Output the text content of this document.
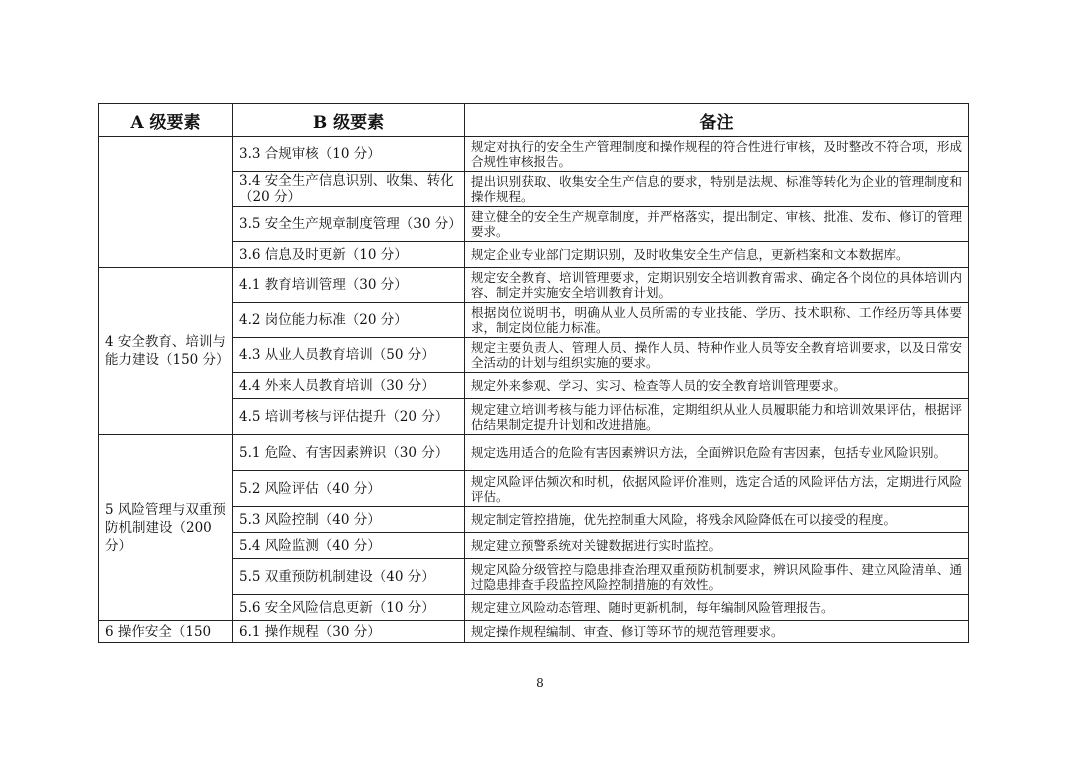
A 级要素	B 级要素	备注
	3.3 合规审核（10 分）	规定对执行的安全生产管理制度和操作规程的符合性进行审核，及时整改不符合项，形成合规性审核报告。
	3.4 安全生产信息识别、收集、转化（20 分）	提出识别获取、收集安全生产信息的要求，特别是法规、标准等转化为企业的管理制度和操作规程。
	3.5 安全生产规章制度管理（30 分）	建立健全的安全生产规章制度，并严格落实，提出制定、审核、批准、发布、修订的管理要求。
	3.6 信息及时更新（10 分）	规定企业专业部门定期识别，及时收集安全生产信息，更新档案和文本数据库。
4 安全教育、培训与能力建设（150 分）	4.1 教育培训管理（30 分）	规定安全教育、培训管理要求，定期识别安全培训教育需求、确定各个岗位的具体培训内容、制定并实施安全培训教育计划。
	4.2 岗位能力标准（20 分）	根据岗位说明书，明确从业人员所需的专业技能、学历、技术职称、工作经历等具体要求，制定岗位能力标准。
	4.3 从业人员教育培训（50 分）	规定主要负责人、管理人员、操作人员、特种作业人员等安全教育培训要求，以及日常安全活动的计划与组织实施的要求。
	4.4 外来人员教育培训（30 分）	规定外来参观、学习、实习、检查等人员的安全教育培训管理要求。
	4.5 培训考核与评估提升（20 分）	规定建立培训考核与能力评估标准，定期组织从业人员履职能力和培训效果评估，根据评估结果制定提升计划和改进措施。
5 风险管理与双重预防机制建设（200 分）	5.1 危险、有害因素辨识（30 分）	规定选用适合的危险有害因素辨识方法，全面辨识危险有害因素，包括专业风险识别。
	5.2 风险评估（40 分）	规定风险评估频次和时机，依据风险评价准则，选定合适的风险评估方法，定期进行风险评估。
	5.3 风险控制（40 分）	规定制定管控措施，优先控制重大风险，将残余风险降低在可以接受的程度。
	5.4 风险监测（40 分）	规定建立预警系统对关键数据进行实时监控。
	5.5 双重预防机制建设（40 分）	规定风险分级管控与隐患排查治理双重预防机制要求，辨识风险事件、建立风险清单、通过隐患排查手段监控风险控制措施的有效性。
	5.6 安全风险信息更新（10 分）	规定建立风险动态管理、随时更新机制，每年编制风险管理报告。
6 操作安全（150	6.1 操作规程（30 分）	规定操作规程编制、审查、修订等环节的规范管理要求。
8
